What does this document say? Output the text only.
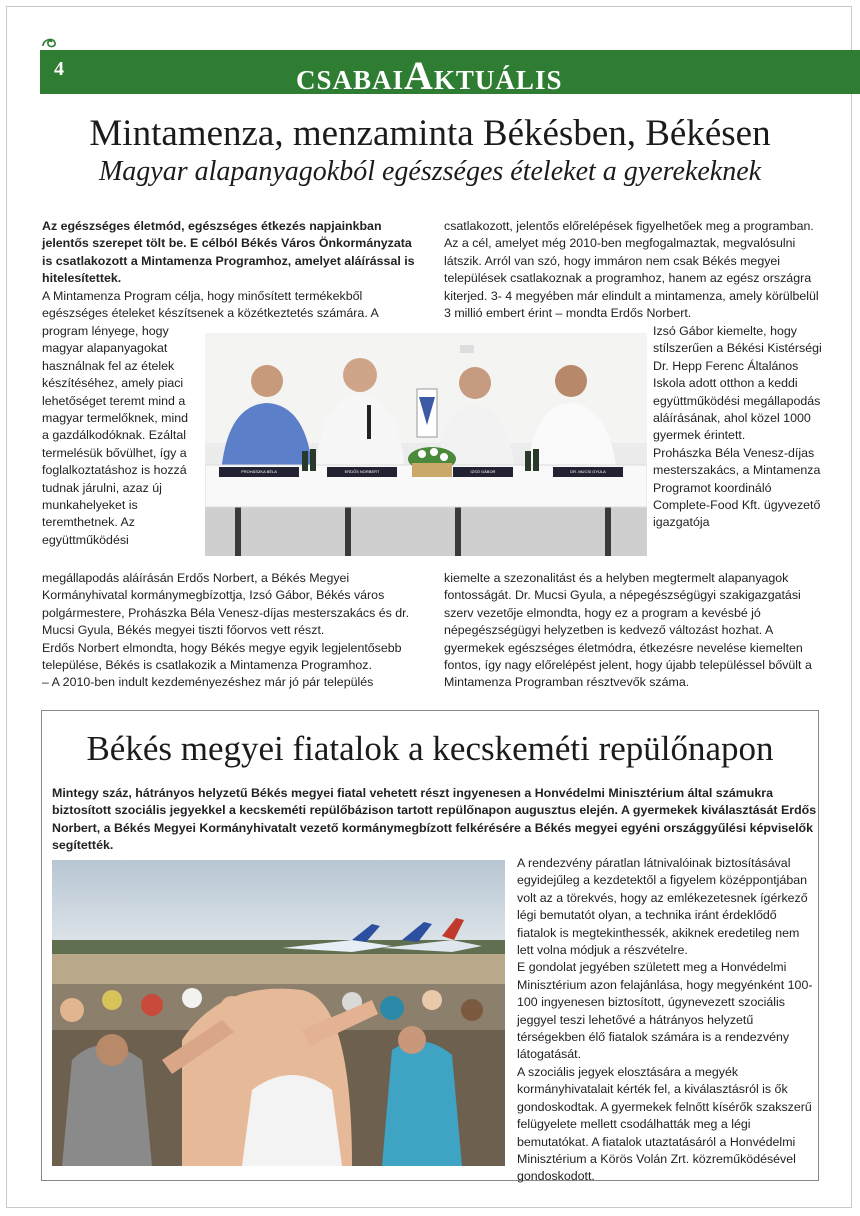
4	CSABAIAKTUÁLIS
Mintamenza, menzaminta Békésben, Békésen
Magyar alapanyagokból egészséges ételeket a gyerekeknek

Az egészséges életmód, egészséges étkezés napjainkban jelentős szerepet tölt be. E célból Békés Város Önkormányzata is csatlakozott a Mintamenza Programhoz, amelyet aláírással is hitelesítettek.

A Mintamenza Program célja, hogy minősített termékekből egészséges ételeket készítsenek a közétkeztetés számára. A

program lényege, hogy magyar alapanyagokat használnak fel az ételek készítéséhez, amely piaci lehetőséget teremt mind a magyar termelőknek, mind a gazdálkodóknak. Ezáltal termelésük bővülhet, így a foglalkoztatáshoz is hozzá tudnak járulni, azaz új munkahelyeket is teremthetnek. Az együttműködési

megállapodás aláírásán Erdős Norbert, a Békés Megyei Kormányhivatal kormánymegbízottja, Izsó Gábor, Békés város polgármestere, Prohászka Béla Venesz-díjas mesterszakács és dr. Mucsi Gyula, Békés megyei tiszti főorvos vett részt.

Erdős Norbert elmondta, hogy Békés megye egyik legjelentősebb települése, Békés is csatlakozik a Mintamenza Programhoz.

– A 2010-ben indult kezdeményezéshez már jó pár település

csatlakozott, jelentős előrelépések figyelhetőek meg a programban. Az a cél, amelyet még 2010-ben megfogalmaztak, megvalósulni látszik. Arról van szó, hogy immáron nem csak Békés megyei települések csatlakoznak a programhoz, hanem az egész országra kiterjed. 3- 4 megyében már elindult a mintamenza, amely körülbelül 3 millió embert érint – mondta Erdős Norbert.

Izsó Gábor kiemelte, hogy stílszerűen a Békési Kistérségi Dr. Hepp Ferenc Általános Iskola adott otthon a keddi együttműködési megállapodás aláírásának, ahol közel 1000 gyermek érintett.

Prohászka Béla Venesz-díjas mesterszakács, a Mintamenza Programot koordináló Complete-Food Kft. ügyvezető igazgatója

kiemelte a szezonalitást és a helyben megtermelt alapanyagok fontosságát. Dr. Mucsi Gyula, a népegészségügyi szakigazgatási szerv vezetője elmondta, hogy ez a program a kevésbé jó népegészségügyi helyzetben is kedvező változást hozhat. A gyermekek egészséges életmódra, étkezésre nevelése kiemelten fontos, így nagy előrelépést jelent, hogy újabb településsel bővült a Mintamenza Programban résztvevők száma.
PROHÁSZKA BÉLA	ERDŐS NORBERT	IZSÓ GÁBOR	DR. MUCSI GYULA
Békés megyei fiatalok a kecskeméti repülőnapon
Mintegy száz, hátrányos helyzetű Békés megyei fiatal vehetett részt ingyenesen a Honvédelmi Minisztérium által számukra biztosított szociális jegyekkel a kecskeméti repülőbázison tartott repülőnapon augusztus elején. A gyermekek kiválasztását Erdős Norbert, a Békés Megyei Kormányhivatalt vezető kormánymegbízott felkérésére a Békés megyei egyéni országgyűlési képviselők segítették.

A rendezvény páratlan látnivalóinak biztosításával egyidejűleg a kezdetektől a figyelem középpontjában volt az a törekvés, hogy az emlékezetesnek ígérkező légi bemutatót olyan, a technika iránt érdeklődő fiatalok is megtekinthessék, akiknek eredetileg nem lett volna módjuk a részvételre.

E gondolat jegyében született meg a Honvédelmi Minisztérium azon felajánlása, hogy megyénként 100-100 ingyenesen biztosított, úgynevezett szociális jeggyel teszi lehetővé a hátrányos helyzetű térségekben élő fiatalok számára is a rendezvény látogatását.

A szociális jegyek elosztására a megyék kormányhivatalait kérték fel, a kiválasztásról is ők gondoskodtak. A gyermekek felnőtt kísérők szakszerű felügyelete mellett csodálhatták meg a légi bemutatókat. A fiatalok utaztatásáról a Honvédelmi Minisztérium a Körös Volán Zrt. közreműködésével gondoskodott.
